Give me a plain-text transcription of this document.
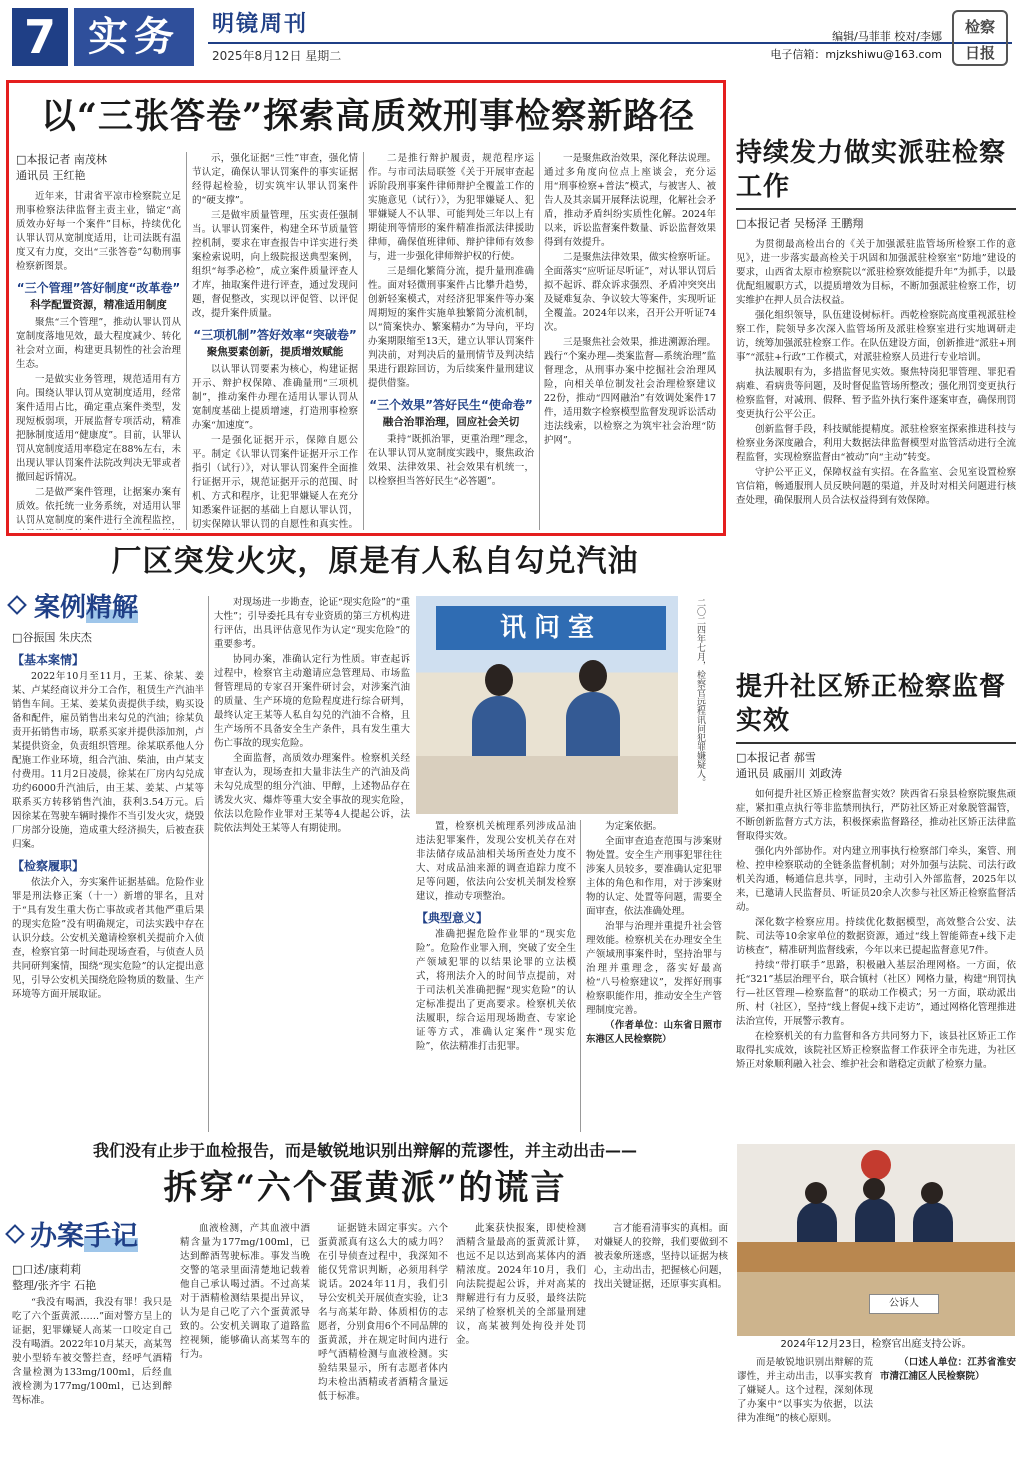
7 实务	明镜周刊
2025年8月12日 星期二
编辑/马菲菲 校对/李娜
电子信箱：mjzkshiwu@163.com
检察
日报
以“三张答卷”探索高质效刑事检察新路径
□本报记者 南茂林
通讯员 王红艳

近年来，甘肃省平凉市检察院立足刑事检察法律监督主责主业，锚定“高质效办好每一个案件”目标，持续优化认罪认罚从宽制度适用，让司法既有温度又有力度，交出“三张答卷”勾勒刑事检察新图景。

“三个管理”答好制度“改革卷”
科学配置资源，精准适用制度

聚焦“三个管理”，推动认罪认罚从宽制度落地见效，最大程度减少、转化社会对立面，构建更具韧性的社会治理生态。

一是做实业务管理，规范适用有方向。围绕认罪认罚从宽制度适用，经常案件适用占比，确定重点案件类型，发现短板弱项，开展监督专项活动，精准把脉制度适用“健康度”。目前，认罪认罚从宽制度适用率稳定在88%左右，未出现认罪认罚案件法院改判决无罪或者撤回起诉情况。

二是做严案件管理，让据案办案有质效。依托统一业务系统，对适用认罪认罚从宽制度的案件进行全流程监控，

示，强化证据“三性”审查，强化情节认定，确保认罪认罚案件的事实证据经得起检验，切实筑牢认罪认罚案件的“硬支撑”。

三是做牢质量管理，压实责任强制当。认罪认罚案件，构建全环节质量管控机制，要求在审查报告中详实进行类案检索说明，向上级院报送典型案例，组织“每季必检”，成立案件质量评查人才库，抽取案件进行评查，通过发现问题，督促整改，实现以评促管、以评促改，提升案件质量。

“三项机制”答好效率“突破卷”
聚焦要素创新，提质增效赋能

以认罪认罚要素为核心，构建证据开示、辩护权保障、准确量刑“三项机制”，推动案件办理在适用认罪认罚从宽制度基础上提质增速，打造刑事检察办案“加速度”。

一是强化证据开示，保障自愿公平。制定《认罪认罚案件证据开示工作指引（试行）》，对认罪认罚案件全面推行证据开示，规范证据开示的范围、时机、方式和程序，让犯罪嫌疑人在充分知悉案件证据的基础上自愿认罪认罚，切实保障认罪认罚的自愿性和真实性。

二是推行辩护履责，规范程序运作。与市司法局联签《关于开展审查起诉阶段刑事案件律师辩护全覆盖工作的实施意见（试行）》，为犯罪嫌疑人、犯罪嫌疑人不认罪、可能判处三年以上有期徒刑等情形的案件精准指派法律援助律师，确保值班律师、辩护律师有效参与，进一步强化律师辩护权的行使。

三是细化繁简分流，提升量刑准确性。面对轻微刑事案件占比攀升趋势，创新轻案模式，对经济犯罪案件等办案周期短的案件实施单独繁简分流机制，以“简案快办、繁案精办”为导向，平均办案期限缩至13天，建立认罪认罚案件判决前，对判决后的量刑情节及判决结果进行跟踪回访，为后续案件量刑建议提供借鉴。

“三个效果”答好民生“使命卷”
融合治罪治理，回应社会关切

秉持“既抓治罪，更重治理”理念，在认罪认罚从宽制度实践中，聚焦政治效果、法律效果、社会效果有机统一，以检察担当答好民生“必答题”。

一是聚焦政治效果，深化释法说理。通过多角度向位点上座谈会，充分运用“刑事检察+普法”模式，与被害人、被告人及其亲属开展释法说理，化解社会矛盾，推动矛盾纠纷实质性化解。2024年以来，诉讼监督案件数量、诉讼监督效果得到有效提升。

二是聚焦法律效果，做实检察听证。全面落实“应听证尽听证”，对认罪认罚后拟不起诉、群众诉求强烈、矛盾冲突突出及疑难复杂、争议较大等案件，实现听证全覆盖。2024年以来，召开公开听证74次。

三是聚焦社会效果，推进溯源治理。践行“个案办理—类案监督—系统治理”监督理念，从刑事办案中挖掘社会治理风险，向相关单位制发社会治理检察建议22份，推动“四网融治”有效调处案件17件，适用数字检察模型监督发现诉讼活动违法线索，以检察之为筑牢社会治理“防护网”。

持续发力做实派驻检察工作
□本报记者 吴杨泽 王鹏翔

为贯彻最高检出台的《关于加强派驻监管场所检察工作的意见》，进一步落实最高检关于巩固和加强派驻检察室“防地”建设的要求，山西省太原市检察院以“派驻检察效能提升年”为抓手，以最优配组履职方式，以提质增效为目标，不断加强派驻检察工作，切实维护在押人员合法权益。

强化组织领导，队伍建设树标杆。西乾检察院高度重视派驻检察工作，院领导多次深入监管场所及派驻检察室进行实地调研走访，统筹加强派驻检察工作。在队伍建设方面，创新推进“派驻+刑事”“派驻+行政”工作模式，对派驻检察人员进行专业培训。

执法履职有为，多措监督见实效。聚焦特岗犯罪管理、罪犯看病难、看病贵等问题，及时督促监管场所整改；强化刑罚变更执行检察监督，对减刑、假释、暂予监外执行案件逐案审查，确保刑罚变更执行公平公正。

创新监督手段，科技赋能提精度。派驻检察室探索推进科技与检察业务深度融合，利用大数据法律监督模型对监管活动进行全流程监督，实现检察监督由“被动”向“主动”转变。

守护公平正义，保障权益有实招。在各监室、会见室设置检察官信箱，畅通服刑人员反映问题的渠道，并及时对相关问题进行核查处理，确保服刑人员合法权益得到有效保障。

提升社区矫正检察监督实效
□本报记者 郝雪
通讯员 戚丽川 刘政涛

如何提升社区矫正检察监督实效？陕西省石泉县检察院聚焦顽症，紧扣重点执行等非监禁刑执行，严防社区矫正对象脱管漏管，不断创新监督方式方法，积极探索监督路径，推动社区矫正法律监督取得实效。

强化内外部协作。对内建立刑事执行检察部门牵头，案管、刑检、控申检察联动的全链条监督机制；对外加强与法院、司法行政机关沟通，畅通信息共享，同时，主动引入外部监督，2025年以来，已邀请人民监督员、听证员20余人次参与社区矫正检察监督活动。

深化数字检察应用。持续优化数据模型，高效整合公安、法院、司法等10余家单位的数据资源，通过“线上智能筛查+线下走访核查”，精准研判监督线索，今年以来已提起监督意见7件。

持续“带打联手”思路，积极融入基层治理网格。一方面，依托“321”基层治理平台，联合镇村（社区）网格力量，构建“刑罚执行—社区管理—检察监督”的联动工作模式；另一方面，联动派出所、村（社区），坚持“线上督促+线下走访”，通过网格化管理推进法治宣传，开展警示教育。

在检察机关的有力监督和各方共同努力下，该县社区矫正工作取得扎实成效，该院社区矫正检察监督工作获评全市先进，为社区矫正对象顺利融入社会、维护社会和谐稳定贡献了检察力量。

厂区突发火灾，原是有人私自勾兑汽油
案例精解
□谷振国 朱庆杰
【基本案情】

2022年10月至11月，王某、徐某、姜某、卢某经商议并分工合作，租赁生产汽油半销售车间。王某、姜某负责提供手续，购买设备和配件，雇员销售出来勾兑的汽油；徐某负责开拓销售市场，联系买家并提供添加剂，卢某提供资金，负责组织管理。徐某联系他人分配施工作业环境，组合汽油、柴油，由卢某支付费用。11月2日凌晨，徐某在厂房内勾兑成功约6000升汽油后，由王某、姜某、卢某等联系买方转移销售汽油，获利3.54万元。后因徐某在驾驶车辆时操作不当引发火灾，烧毁厂房部分设施，造成重大经济损失，后被查获归案。

【检察履职】

依法介入，夯实案件证据基础。危险作业罪是刑法修正案（十一）新增的罪名，且对于“具有发生重大伤亡事故或者其他严重后果的现实危险”没有明确规定，司法实践中存在认识分歧。公安机关邀请检察机关提前介入侦查，检察官第一时间赴现场查看，与侦查人员共同研判案情，围绕“现实危险”的认定提出意见，引导公安机关围绕危险物质的数量、生产环境等方面开展取证。

对现场进一步勘查，论证“现实危险”的“重大性”；引导委托具有专业资质的第三方机构进行评估，出具评估意见作为认定“现实危险”的重要参考。

协同办案，准确认定行为性质。审查起诉过程中，检察官主动邀请应急管理局、市场监督管理局的专家召开案件研讨会，对涉案汽油的质量、生产环境的危险程度进行综合研判，最终认定王某等人私自勾兑的汽油不合格，且生产场所不具备安全生产条件，具有发生重大伤亡事故的现实危险。

全面监督，高质效办理案件。检察机关经审查认为，现场查扣大量非法生产的汽油及尚未勾兑成型的组分汽油、甲醇，上述物品存在诱发火灾、爆炸等重大安全事故的现实危险，依法以危险作业罪对王某等4人提起公诉，法院依法判处王某等人有期徒刑。

讯问室	二〇二四年七月，检察官远程讯问犯罪嫌疑人。

置，检察机关梳理系列涉成品油违法犯罪案件，发现公安机关存在对非法储存成品油相关场所查处力度不大、对成品油来源的调查追踪力度不足等问题，依法向公安机关制发检察建议，推动专项整治。

【典型意义】

准确把握危险作业罪的“现实危险”。危险作业罪入刑，突破了安全生产领域犯罪的以结果论罪的立法模式，将刑法介入的时间节点提前，对于司法机关准确把握“现实危险”的认定标准提出了更高要求。检察机关依法履职，综合运用现场勘查、专家论证等方式，准确认定案件“现实危险”，依法精准打击犯罪。

为定案依据。

全面审查追查范围与涉案财物处置。安全生产刑事犯罪往往涉案人员较多，要准确认定犯罪主体的角色和作用，对于涉案财物的认定、处置等问题，需要全面审查，依法准确处理。

治罪与治理并重提升社会管理效能。检察机关在办理安全生产领域刑事案件时，坚持治罪与治理并重理念，落实好最高检“八号检察建议”，发挥好刑事检察职能作用，推动安全生产管理制度完善。

（作者单位：山东省日照市东港区人民检察院）

我们没有止步于血检报告，而是敏锐地识别出辩解的荒谬性，并主动出击——
拆穿“六个蛋黄派”的谎言
办案手记
□口述/康莉莉
整理/张齐宇 石艳

“我没有喝酒，我没有罪！我只是吃了六个蛋黄派……”面对警方呈上的证据，犯罪嫌疑人高某一口咬定自己没有喝酒。2022年10月某天，高某驾驶小型轿车被交警拦查，经呼气酒精含量检测为133mg/100ml，后经血液检测为177mg/100ml，已达到醉驾标准。

血液检测，产其血液中酒精含量为177mg/100ml，已达到醉酒驾驶标准。事发当晚交警的笔录里面清楚地记载着他自己承认喝过酒。不过高某对于酒精检测结果提出异议，认为是自己吃了六个蛋黄派导致的。公安机关调取了道路监控视频，能够确认高某驾车的行为。

证据链未固定事实。六个蛋黄派真有这么大的威力吗？在引导侦查过程中，我深知不能仅凭常识判断，必须用科学说话。2024年11月，我们引导公安机关开展侦查实验，让3名与高某年龄、体质相仿的志愿者，分别食用6个不同品牌的蛋黄派，并在规定时间内进行呼气酒精检测与血液检测。实验结果显示，所有志愿者体内均未检出酒精或者酒精含量远低于标准。

此案获快报案，即使检测酒精含量最高的蛋黄派计算，也远不足以达到高某体内的酒精浓度。2024年10月，我们向法院提起公诉，并对高某的辩解进行有力反驳，最终法院采纳了检察机关的全部量刑建议，高某被判处拘役并处罚金。

言才能看清事实的真相。面对嫌疑人的狡辩，我们要做到不被表象所迷惑，坚持以证据为核心，主动出击，把握核心问题，找出关键证据，还原事实真相。

公诉人
2024年12月23日，检察官出庭支持公诉。

而是敏锐地识别出辩解的荒谬性，并主动出击，以事实教育了嫌疑人。这个过程，深刻体现了办案中“以事实为依据，以法律为准绳”的核心原则。

（口述人单位：江苏省淮安市清江浦区人民检察院）
